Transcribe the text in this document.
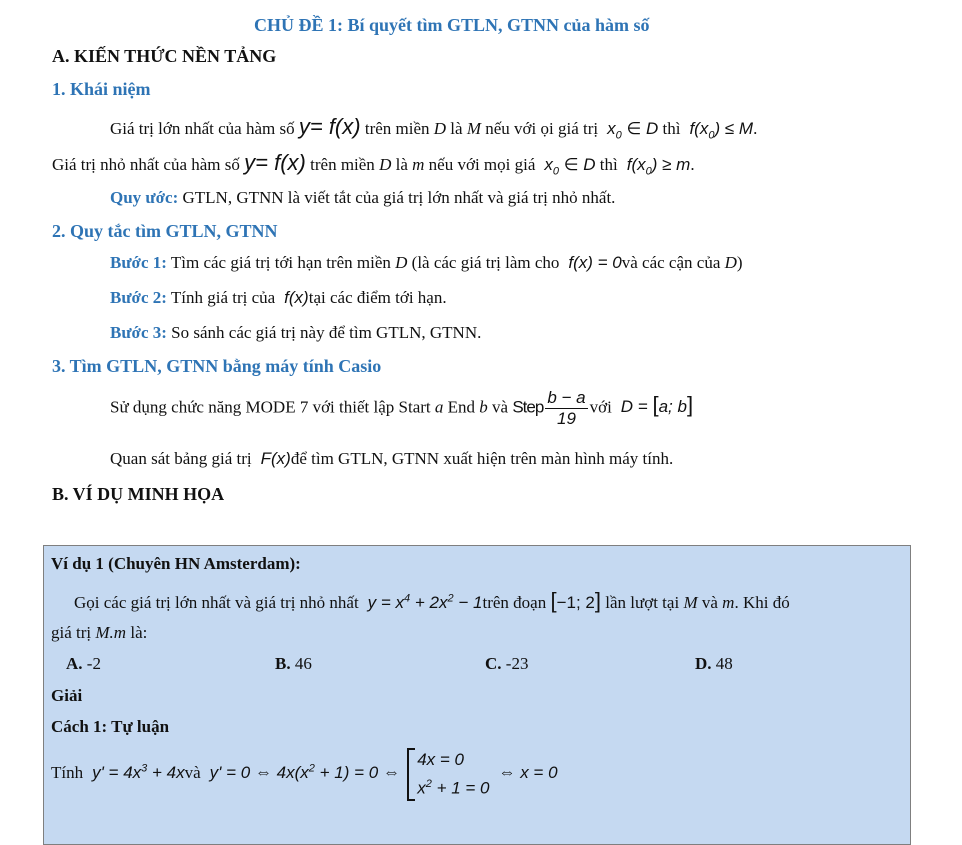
CHỦ ĐỀ 1: Bí quyết tìm GTLN, GTNN của hàm số
A. KIẾN THỨC NỀN TẢNG
1. Khái niệm
Giá trị lớn nhất của hàm số y= f(x) trên miền D là M nếu với ọi giá trị  $x_0$ ∈ D thì  $f(x_0) \le M$.
Giá trị nhỏ nhất của hàm số y= f(x) trên miền D là m nếu với mọi giá  $x_0$ ∈ D thì  $f(x_0) \ge m$.
Quy ước: GTLN, GTNN là viết tắt của giá trị lớn nhất và giá trị nhỏ nhất.
2. Quy tắc tìm GTLN, GTNN
Bước 1: Tìm các giá trị tới hạn trên miền D (là các giá trị làm cho  f(x) = 0và các cận của D)
Bước 2: Tính giá trị của  f(x)tại các điểm tới hạn.
Bước 3: So sánh các giá trị này để tìm GTLN, GTNN.
3. Tìm GTLN, GTNN bằng máy tính Casio
Sử dụng chức năng MODE 7 với thiết lập Start a End b và Step $\frac{b - a}{19}$ với  D = [a; b]
Quan sát bảng giá trị  F(x)để tìm GTLN, GTNN xuất hiện trên màn hình máy tính.
B. VÍ DỤ MINH HỌA
Ví dụ 1 (Chuyên HN Amsterdam):
Gọi các giá trị lớn nhất và giá trị nhỏ nhất  $y = x^4 + 2x^2$ − 1trên đoạn [−1; 2] lần lượt tại M và m. Khi đó
giá trị M.m là:
A. -2	B. 46	C. -23	D. 48
Giải
Cách 1: Tự luận
Tính  $y' = 4x^3$ + 4xvà  y' = 0 ⇔ $4x(x^2 + 1) = 0$ ⇔
4x = 0
$x^2 + 1 = 0$
⇔ x = 0
